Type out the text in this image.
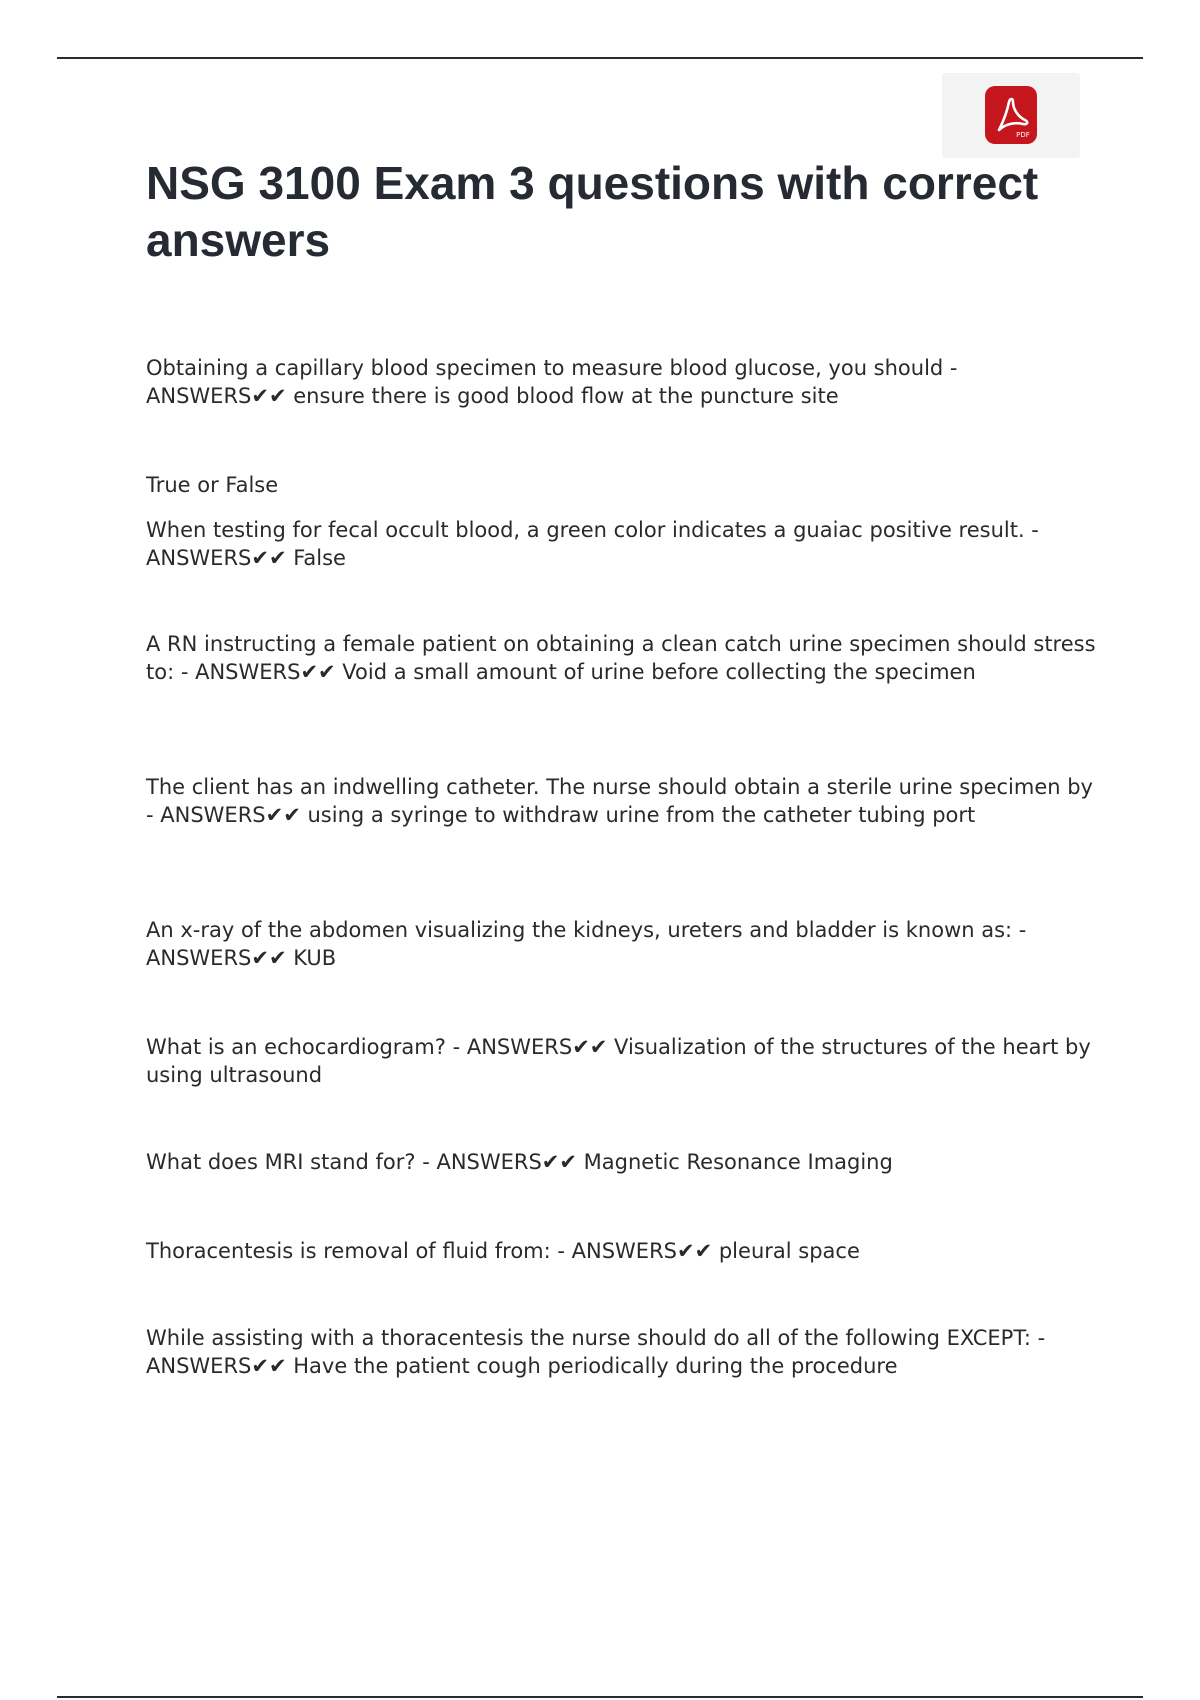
PDF
NSG 3100 Exam 3 questions with correct answers

Obtaining a capillary blood specimen to measure blood glucose, you should - ANSWERS✔✔ ensure there is good blood flow at the puncture site

True or False

When testing for fecal occult blood, a green color indicates a guaiac positive result. - ANSWERS✔✔ False

A RN instructing a female patient on obtaining a clean catch urine specimen should stress to: - ANSWERS✔✔ Void a small amount of urine before collecting the specimen

The client has an indwelling catheter. The nurse should obtain a sterile urine specimen by - ANSWERS✔✔ using a syringe to withdraw urine from the catheter tubing port

An x-ray of the abdomen visualizing the kidneys, ureters and bladder is known as: - ANSWERS✔✔ KUB

What is an echocardiogram? - ANSWERS✔✔ Visualization of the structures of the heart by using ultrasound

What does MRI stand for? - ANSWERS✔✔ Magnetic Resonance Imaging

Thoracentesis is removal of fluid from: - ANSWERS✔✔ pleural space

While assisting with a thoracentesis the nurse should do all of the following EXCEPT: - ANSWERS✔✔ Have the patient cough periodically during the procedure
